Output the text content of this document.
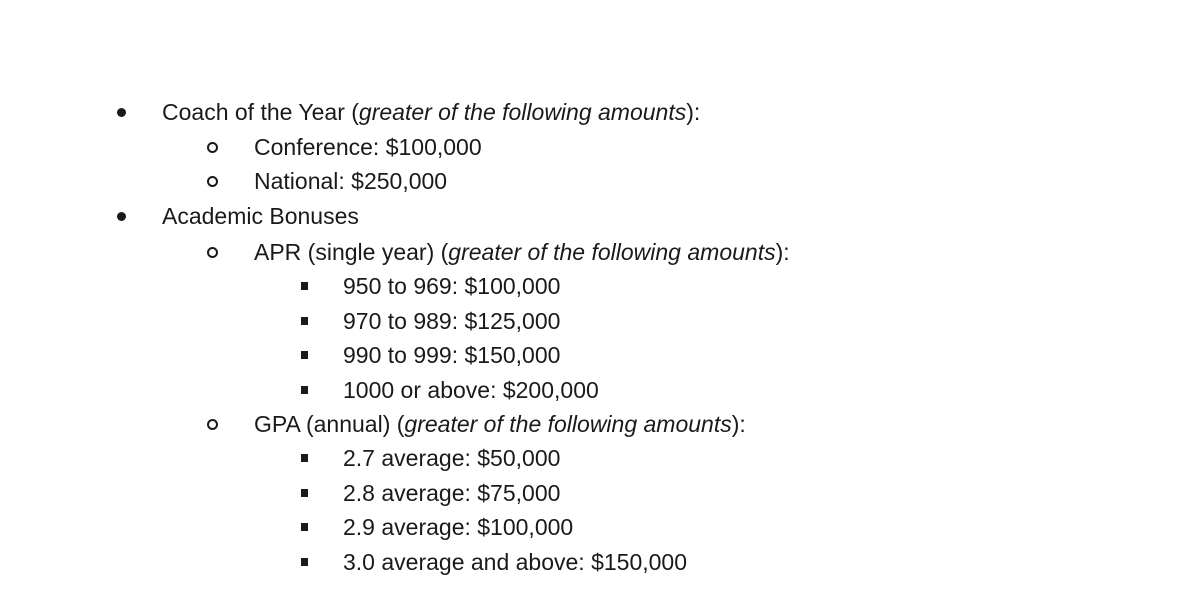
Coach of the Year (greater of the following amounts):
Conference: $100,000
National: $250,000
Academic Bonuses
APR (single year) (greater of the following amounts):
950 to 969: $100,000
970 to 989: $125,000
990 to 999: $150,000
1000 or above: $200,000
GPA (annual) (greater of the following amounts):
2.7 average: $50,000
2.8 average: $75,000
2.9 average: $100,000
3.0 average and above: $150,000
